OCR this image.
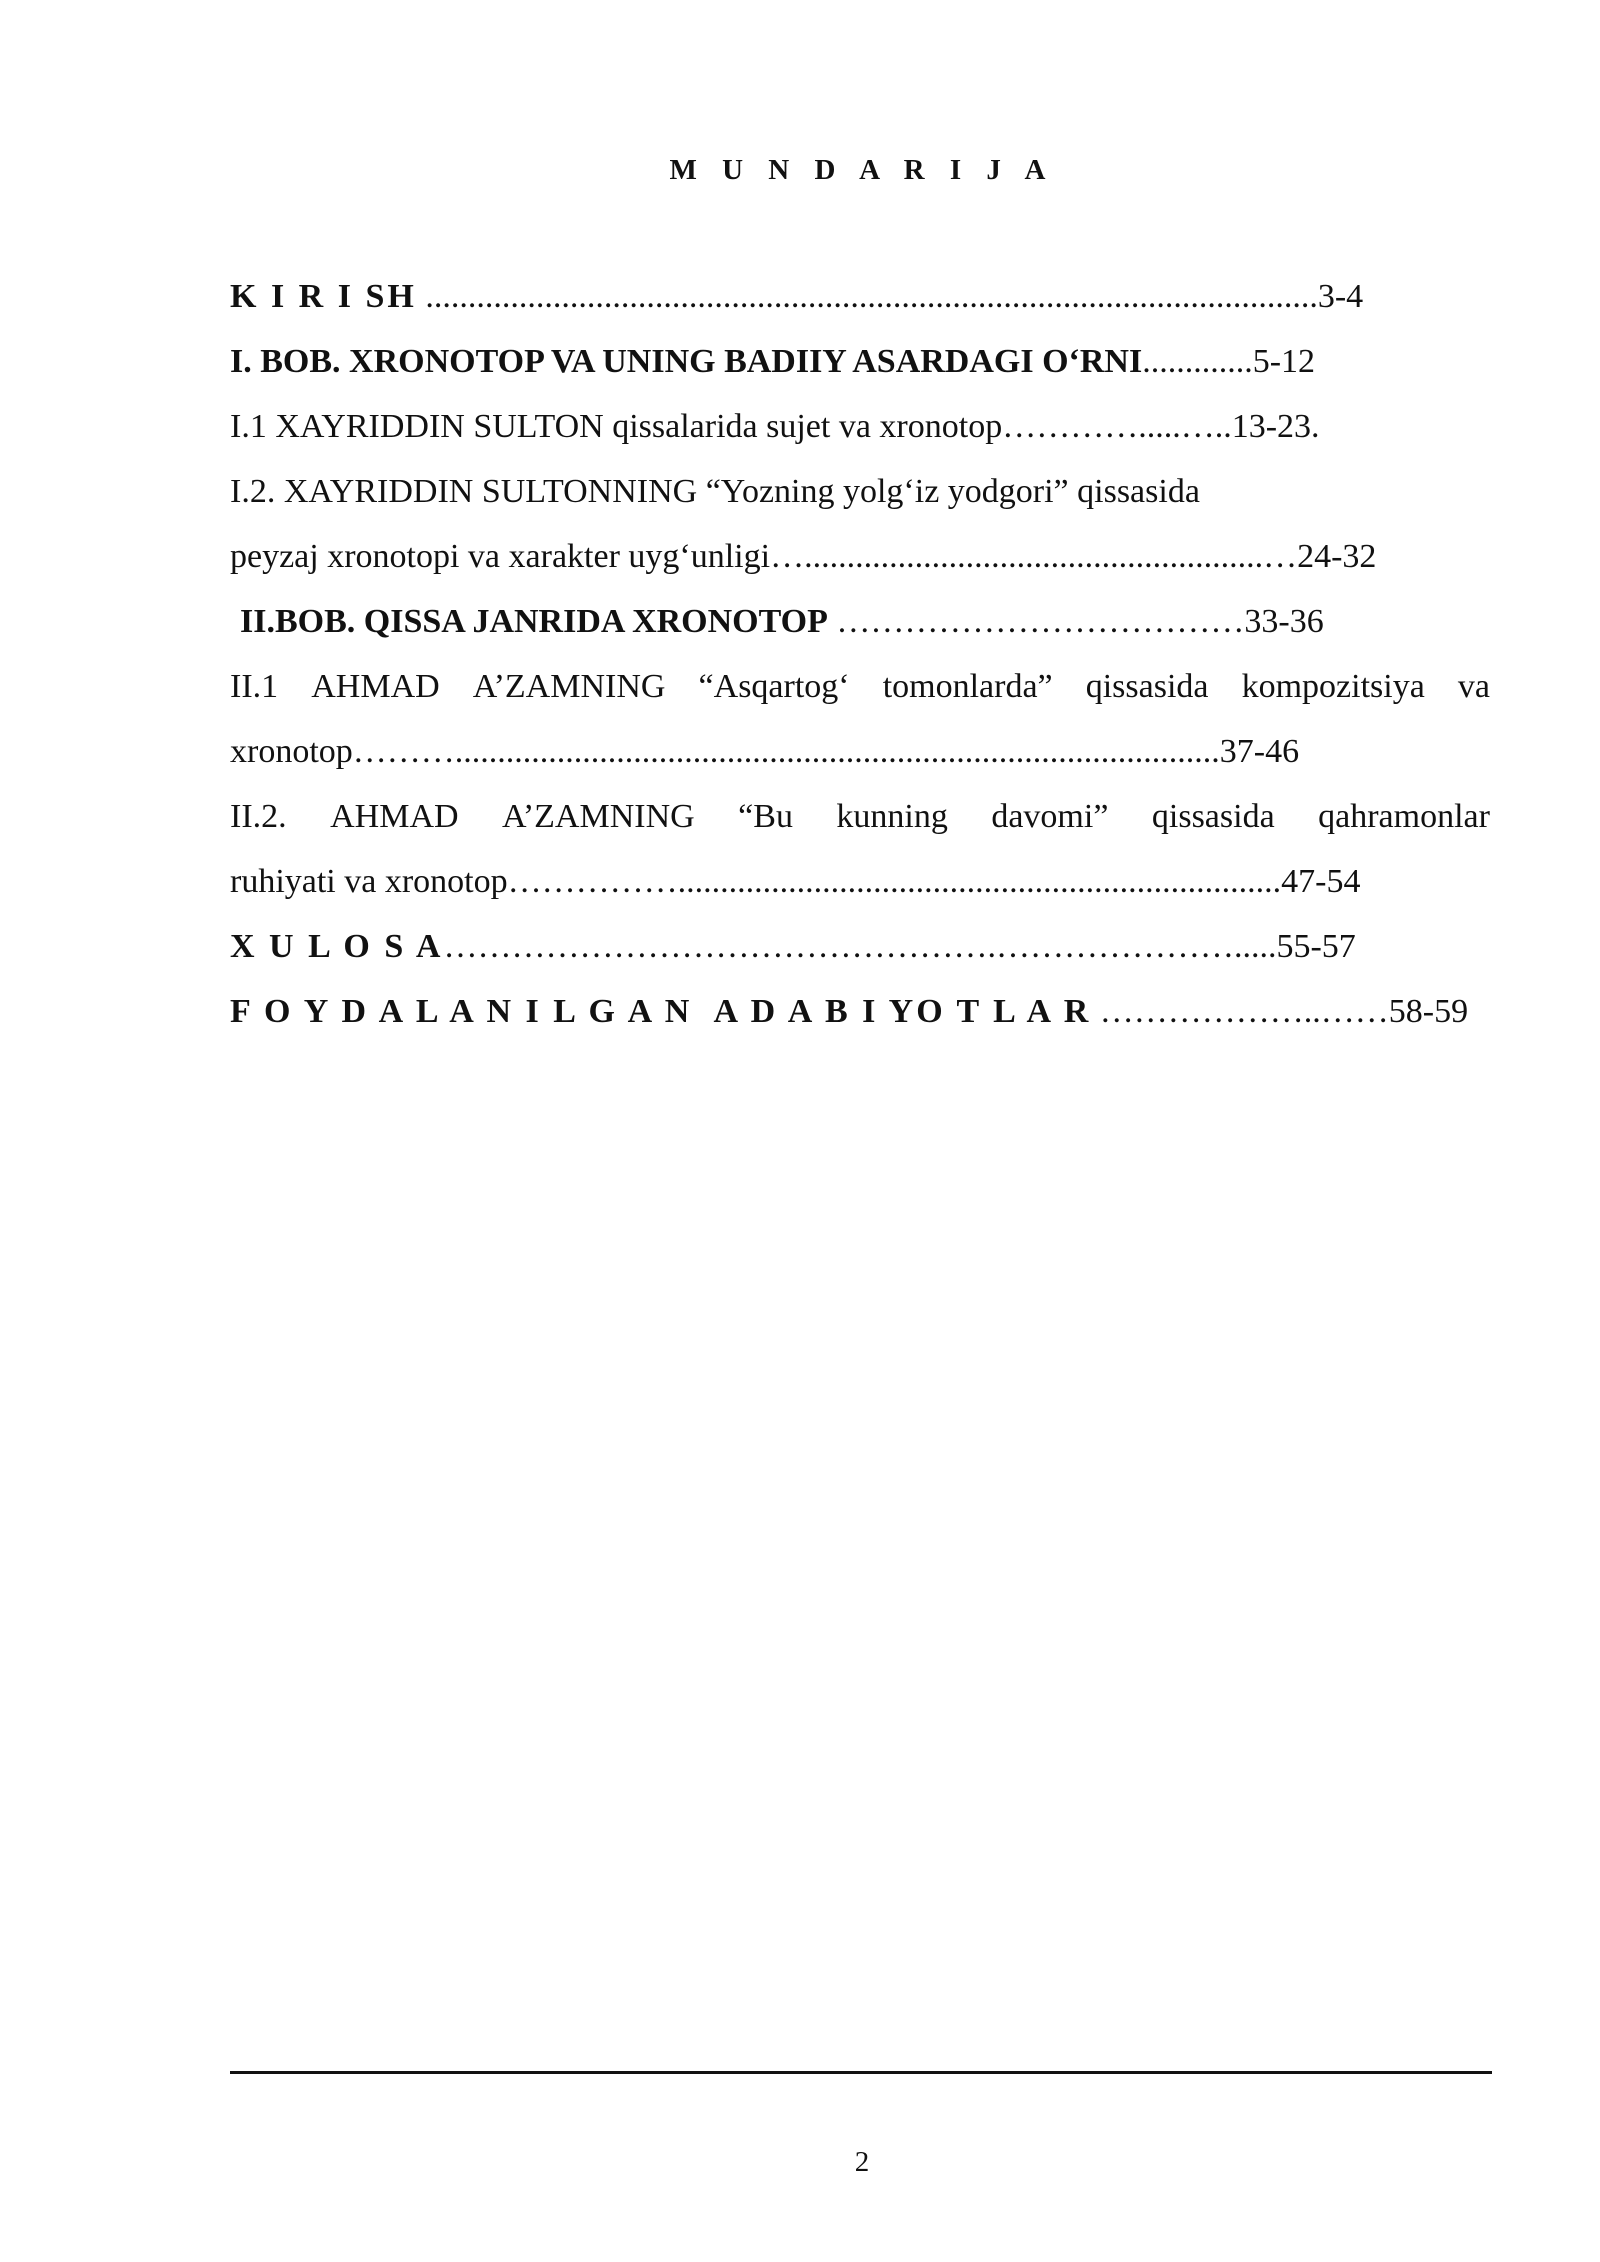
M U N D A R I J A
K I R I SH .........................................................................................................3-4
I. BOB. XRONOTOP VA UNING BADIIY ASARDAGI O‘RNI.............5-12
I.1 XAYRIDDIN SULTON qissalarida sujet va xronotop………….....…..13-23.
I.2. XAYRIDDIN SULTONNING “Yozning yolg‘iz yodgori” qissasida
peyzaj xronotopi va xarakter uyg‘unligi…......................................................…24-32
II.BOB. QISSA JANRIDA XRONOTOP ………………………………33-36
II.1 AHMAD A’ZAMNING “Asqartog‘ tomonlarda” qissasida kompozitsiya va
xronotop………..........................................................................................37-46
II.2. AHMAD A’ZAMNING “Bu kunning davomi” qissasida qahramonlar
ruhiyati va xronotop…………….......................................................................47-54
X U L O S A………………………………………….………………….....55-57
F O Y D A L A N I L G A N  A D A B I YO T L A R ………………..……58-59
2
